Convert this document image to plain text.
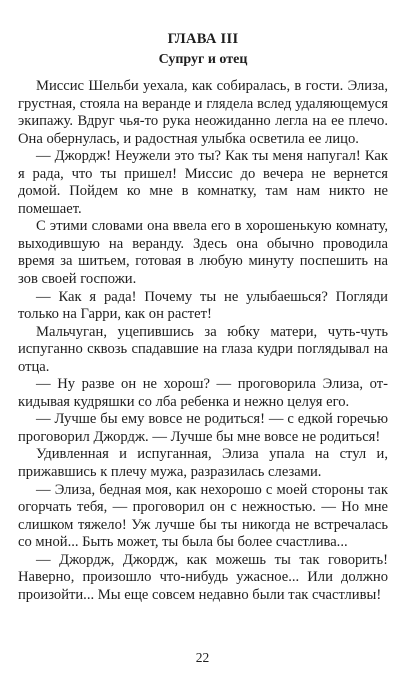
ГЛАВА III
Супруг и отец

Миссис Шельби уехала, как собиралась, в гости. Элиза, грустная, стояла на веранде и глядела вслед удаляющемуся экипажу. Вдруг чья-то рука неожиданно легла на ее плечо. Она обернулась, и радостная улыбка осветила ее лицо.

— Джордж! Неужели это ты? Как ты меня напугал! Как я рада, что ты пришел! Миссис до вечера не вернется домой. Пойдем ко мне в комнатку, там нам никто не помешает.

С этими словами она ввела его в хорошенькую комнату, выходившую на веранду. Здесь она обычно проводила время за шитьем, готовая в любую минуту поспешить на зов своей госпожи.

— Как я рада! Почему ты не улыбаешься? Погляди только на Гарри, как он растет!

Мальчуган, уцепившись за юбку матери, чуть-чуть испуганно сквозь спадавшие на глаза кудри поглядывал на отца.

— Ну разве он не хорош? — проговорила Элиза, откидывая кудряшки со лба ребенка и нежно целуя его.

— Лучше бы ему вовсе не родиться! — с едкой горечью проговорил Джордж. — Лучше бы мне вовсе не родиться!

Удивленная и испуганная, Элиза упала на стул и, прижавшись к плечу мужа, разразилась слезами.

— Элиза, бедная моя, как нехорошо с моей стороны так огорчать тебя, — проговорил он с нежностью. — Но мне слишком тяжело! Уж лучше бы ты никогда не встречалась со мной... Быть может, ты была бы более счастлива...

— Джордж, Джордж, как можешь ты так говорить! Наверно, произошло что-нибудь ужасное... Или должно произойти... Мы еще совсем недавно были так счастливы!

22
